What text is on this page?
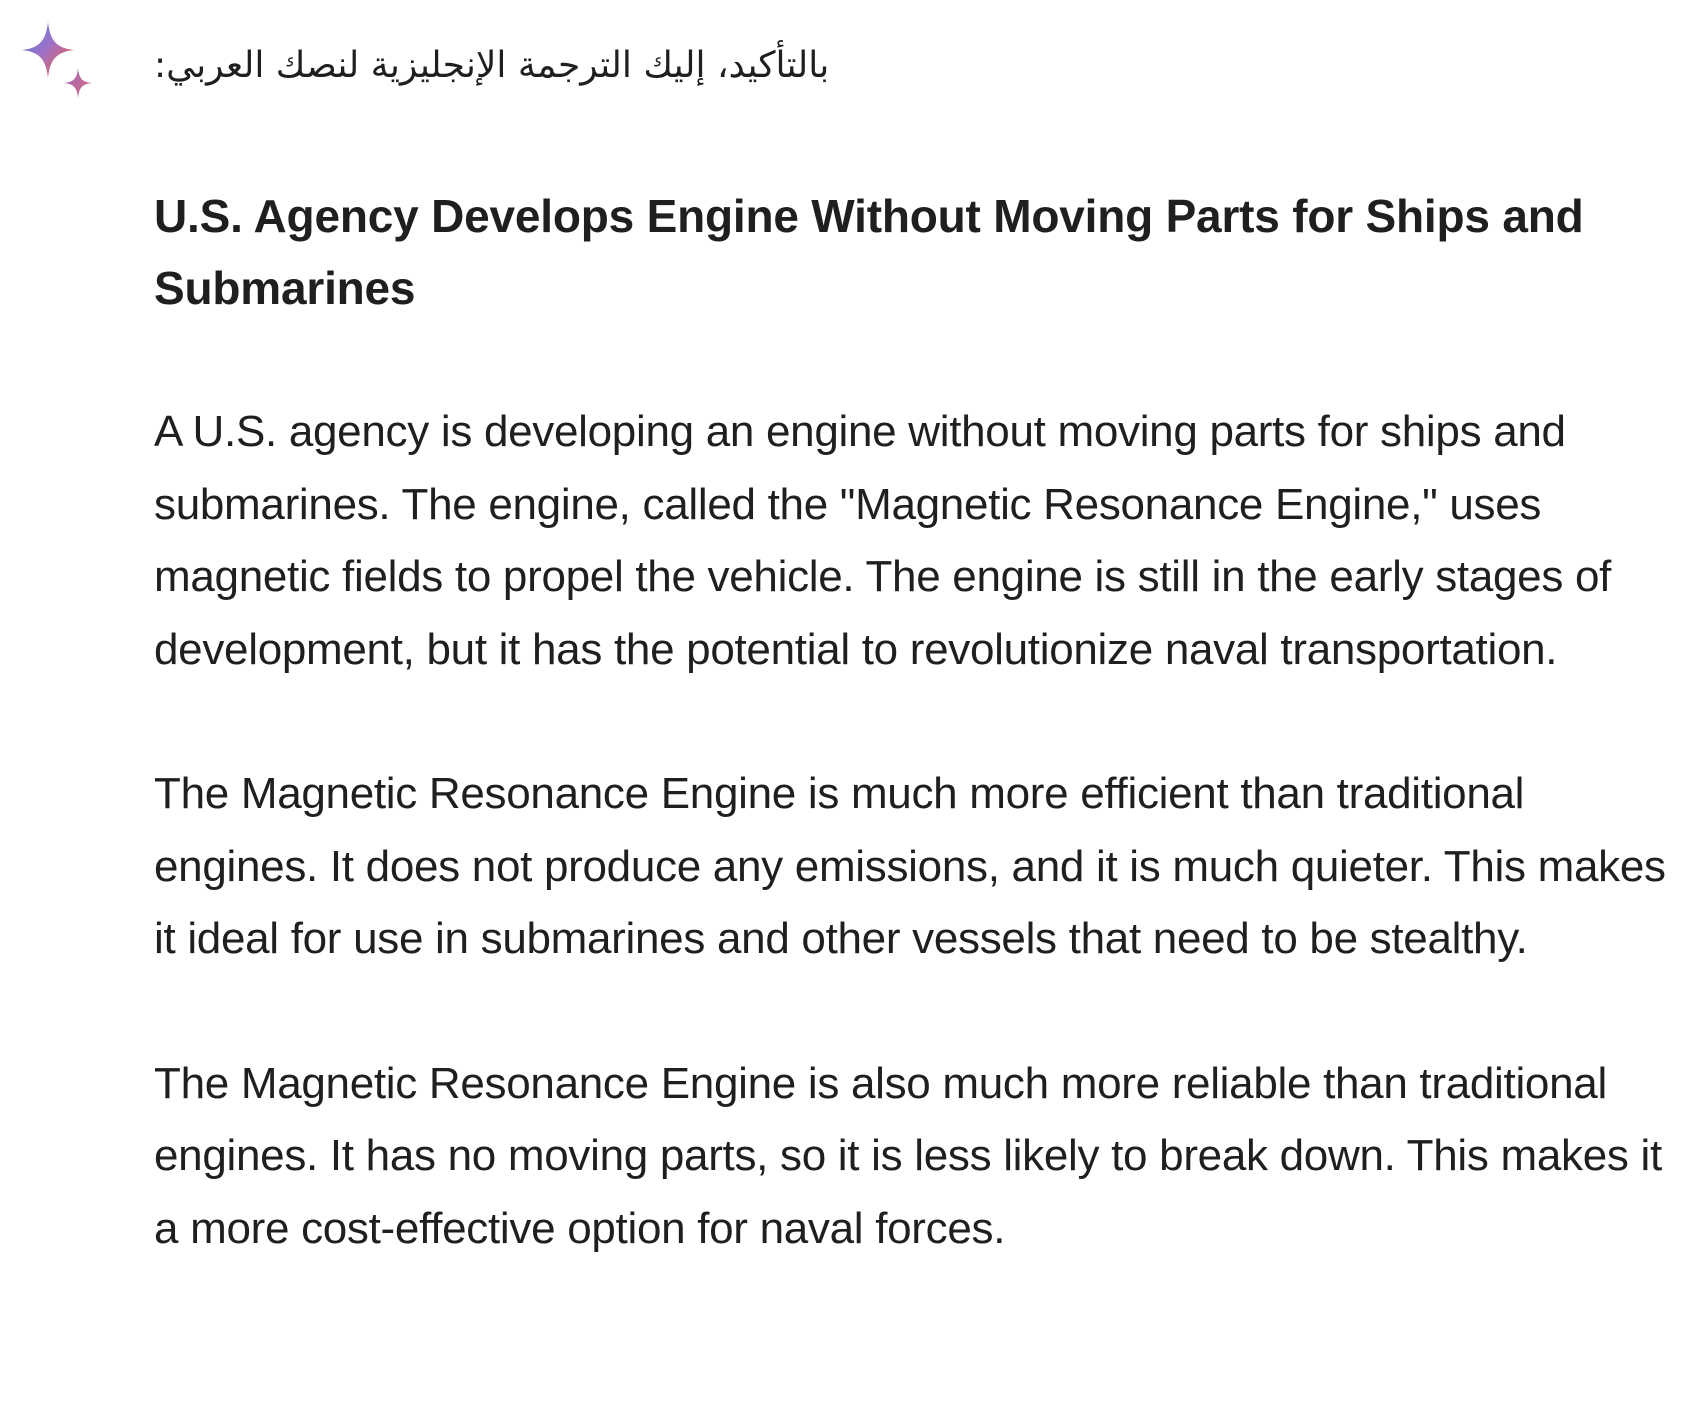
بالتأكيد، إليك الترجمة الإنجليزية لنصك العربي:

U.S. Agency Develops Engine Without Moving Parts for Ships and Submarines

A U.S. agency is developing an engine without moving parts for ships and submarines. The engine, called the "Magnetic Resonance Engine," uses magnetic fields to propel the vehicle. The engine is still in the early stages of development, but it has the potential to revolutionize naval transportation.

The Magnetic Resonance Engine is much more efficient than traditional engines. It does not produce any emissions, and it is much quieter. This makes it ideal for use in submarines and other vessels that need to be stealthy.

The Magnetic Resonance Engine is also much more reliable than traditional engines. It has no moving parts, so it is less likely to break down. This makes it a more cost-effective option for naval forces.
